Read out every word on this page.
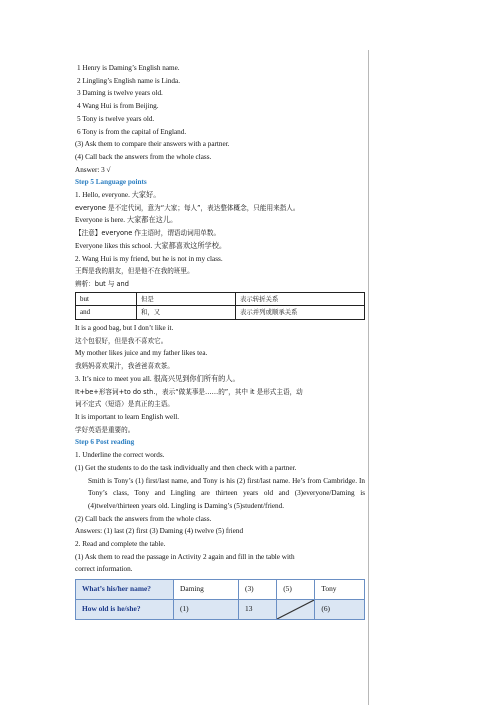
1 Henry is Daming’s English name.
2 Lingling’s English name is Linda.
3 Daming is twelve years old.
4 Wang Hui is from Beijing.
5 Tony is twelve years old.
6 Tony is from the capital of England.
(3) Ask them to compare their answers with a partner.
(4) Call back the answers from the whole class.
Answer: 3 √
Step 5 Language points
1. Hello, everyone. 大家好。
everyone 是不定代词，意为“大家；每人”，表达整体概念，只能用来指人。
Everyone is here. 大家都在这儿。
【注意】everyone 作主语时，谓语动词用单数。
Everyone likes this school. 大家都喜欢这所学校。
2. Wang Hui is my friend, but he is not in my class.
王辉是我的朋友，但是他不在我的班里。
辨析：but 与 and
but	但是	表示转折关系
and	和，又	表示并列或顺承关系
It is a good bag, but I don’t like it.
这个包很好，但是我不喜欢它。
My mother likes juice and my father likes tea.
我妈妈喜欢果汁，我爸爸喜欢茶。
3. It’s nice to meet you all. 很高兴见到你们所有的人。
It+be+形容词+to do sth.，表示“做某事是……的”，其中 it 是形式主语，动
词不定式（短语）是真正的主语。
It is important to learn English well.
学好英语是重要的。
Step 6 Post reading
1. Underline the correct words.
(1) Get the students to do the task individually and then check with a partner.
Smith is Tony’s (1) first/last name, and Tony is his (2) first/last name. He’s from Cambridge. In Tony’s class, Tony and Lingling are thirteen years old and (3)everyone/Daming is (4)twelve/thirteen years old. Lingling is Daming’s (5)student/friend.
(2) Call back the answers from the whole class.
Answers: (1) last (2) first (3) Daming (4) twelve (5) friend
2. Read and complete the table.
(1) Ask them to read the passage in Activity 2 again and fill in the table with
correct information.
What’s his/her name?	Daming	(3)	(5)	Tony
How old is he/she?	(1)	13		(6)
